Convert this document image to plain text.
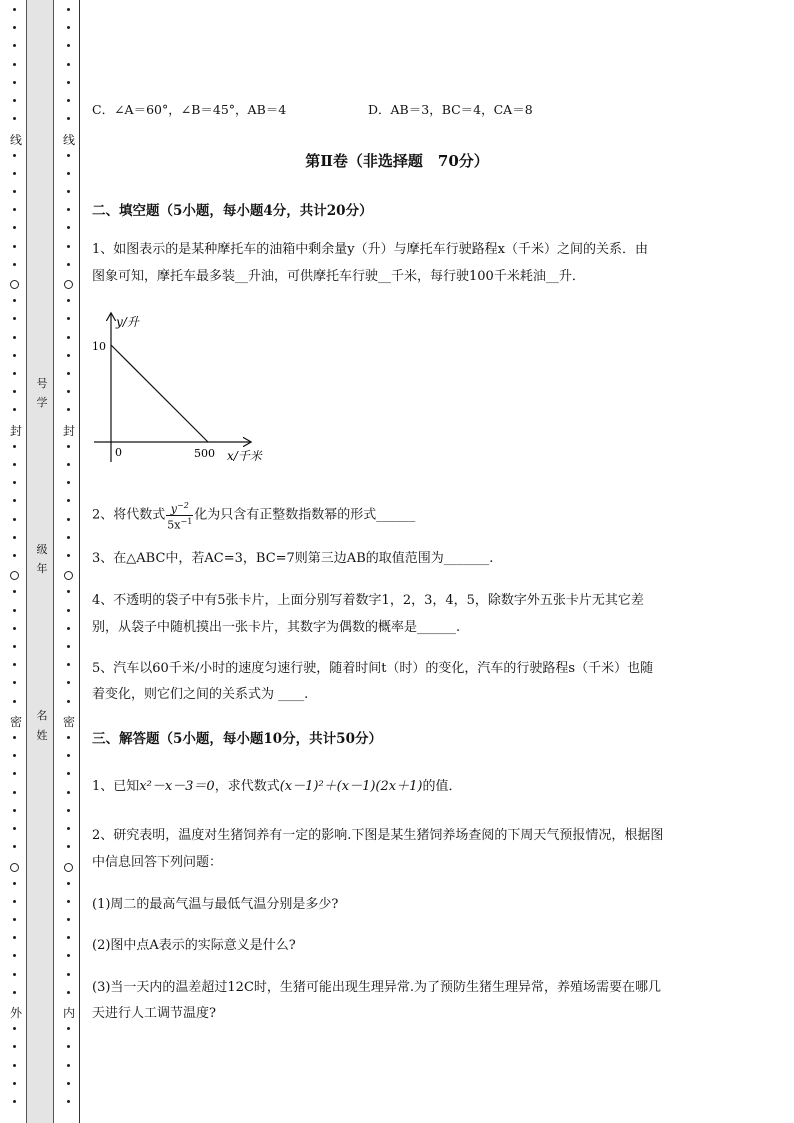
线
封
密
外
线
封
密
内
号
学
级
年
名
姓
C．∠A＝60°，∠B＝45°，AB＝4	D．AB＝3，BC＝4，CA＝8
第Ⅱ卷（非选择题　70分）
二、填空题（5小题，每小题4分，共计20分）
1、如图表示的是某种摩托车的油箱中剩余量y（升）与摩托车行驶路程x（千米）之间的关系．由
图象可知，摩托车最多装__升油，可供摩托车行驶__千米，每行驶100千米耗油__升．
y/升
10
0	500 x/千米
2、将代数式 $\frac{y^{-2}}{5x^{-1}}$ 化为只含有正整数指数幂的形式______
3、在△ABC中，若AC=3，BC=7则第三边AB的取值范围为_______.
4、不透明的袋子中有5张卡片，上面分别写着数字1，2，3，4，5，除数字外五张卡片无其它差
别，从袋子中随机摸出一张卡片，其数字为偶数的概率是______.
5、汽车以60千米/小时的速度匀速行驶，随着时间t（时）的变化，汽车的行驶路程s（千米）也随
着变化，则它们之间的关系式为 ____.
三、解答题（5小题，每小题10分，共计50分）
1、已知x²－x－3＝0，求代数式(x－1)²＋(x－1)(2x＋1)的值．
2、研究表明，温度对生猪饲养有一定的影响.下图是某生猪饲养场查阅的下周天气预报情况，根据图
中信息回答下列问题：
(1)周二的最高气温与最低气温分别是多少?
(2)图中点A表示的实际意义是什么?
(3)当一天内的温差超过12C时，生猪可能出现生理异常.为了预防生猪生理异常，养殖场需要在哪几
天进行人工调节温度?
